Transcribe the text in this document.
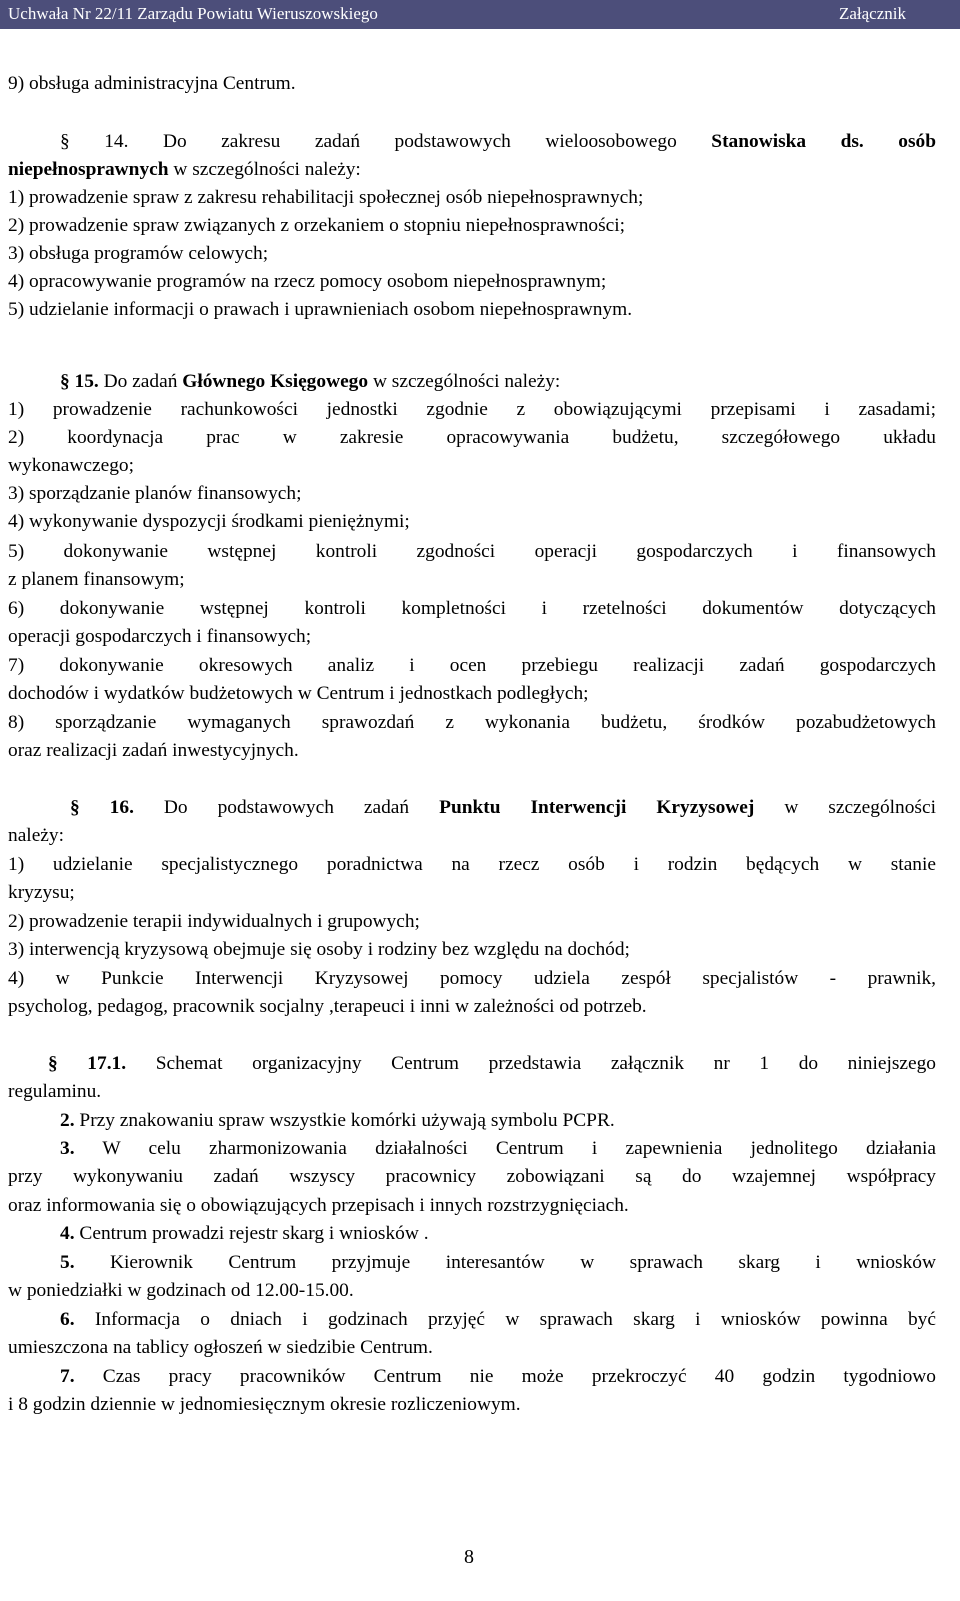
Uchwała Nr 22/11 Zarządu Powiatu Wieruszowskiego	Załącznik
9) obsługa administracyjna Centrum.
§ 14. Do zakresu zadań podstawowych wieloosobowego Stanowiska ds. osób
niepełnosprawnych w szczególności należy:
1) prowadzenie spraw z zakresu rehabilitacji społecznej osób niepełnosprawnych;
2) prowadzenie spraw związanych z orzekaniem o stopniu niepełnosprawności;
3) obsługa programów celowych;
4) opracowywanie programów na rzecz pomocy osobom niepełnosprawnym;
5) udzielanie informacji o prawach i uprawnieniach osobom niepełnosprawnym.
§ 15. Do zadań Głównego Księgowego w szczególności należy:
1) prowadzenie rachunkowości jednostki zgodnie z obowiązującymi przepisami i zasadami;
2) koordynacja prac w zakresie opracowywania budżetu, szczegółowego układu
wykonawczego;
3) sporządzanie planów finansowych;
4) wykonywanie dyspozycji środkami pieniężnymi;
5) dokonywanie wstępnej kontroli zgodności operacji gospodarczych i finansowych
z planem finansowym;
6) dokonywanie wstępnej kontroli kompletności i rzetelności dokumentów dotyczących
operacji gospodarczych i finansowych;
7) dokonywanie okresowych analiz i ocen przebiegu realizacji zadań gospodarczych
dochodów i wydatków budżetowych w Centrum i jednostkach podległych;
8) sporządzanie wymaganych sprawozdań z wykonania budżetu, środków pozabudżetowych
oraz realizacji zadań inwestycyjnych.
§ 16. Do podstawowych zadań Punktu Interwencji Kryzysowej w szczególności
należy:
1) udzielanie specjalistycznego poradnictwa na rzecz osób i rodzin będących w stanie
kryzysu;
2) prowadzenie terapii indywidualnych i grupowych;
3) interwencją kryzysową obejmuje się osoby i rodziny bez względu na dochód;
4) w Punkcie Interwencji Kryzysowej pomocy udziela zespół specjalistów - prawnik,
psycholog, pedagog, pracownik socjalny ,terapeuci i inni w zależności od potrzeb.
§ 17.1. Schemat organizacyjny Centrum przedstawia załącznik nr 1 do niniejszego
regulaminu.
2. Przy znakowaniu spraw wszystkie komórki używają symbolu PCPR.
3. W celu zharmonizowania działalności Centrum i zapewnienia jednolitego działania
przy wykonywaniu zadań wszyscy pracownicy zobowiązani są do wzajemnej współpracy
oraz informowania się o obowiązujących przepisach i innych rozstrzygnięciach.
4. Centrum prowadzi rejestr skarg i wniosków .
5. Kierownik Centrum przyjmuje interesantów w sprawach skarg i wniosków
w poniedziałki w godzinach od 12.00-15.00.
6. Informacja o dniach i godzinach przyjęć w sprawach skarg i wniosków powinna być
umieszczona na tablicy ogłoszeń w siedzibie Centrum.
7. Czas pracy pracowników Centrum nie może przekroczyć 40 godzin tygodniowo
i 8 godzin dziennie w jednomiesięcznym okresie rozliczeniowym.
8
